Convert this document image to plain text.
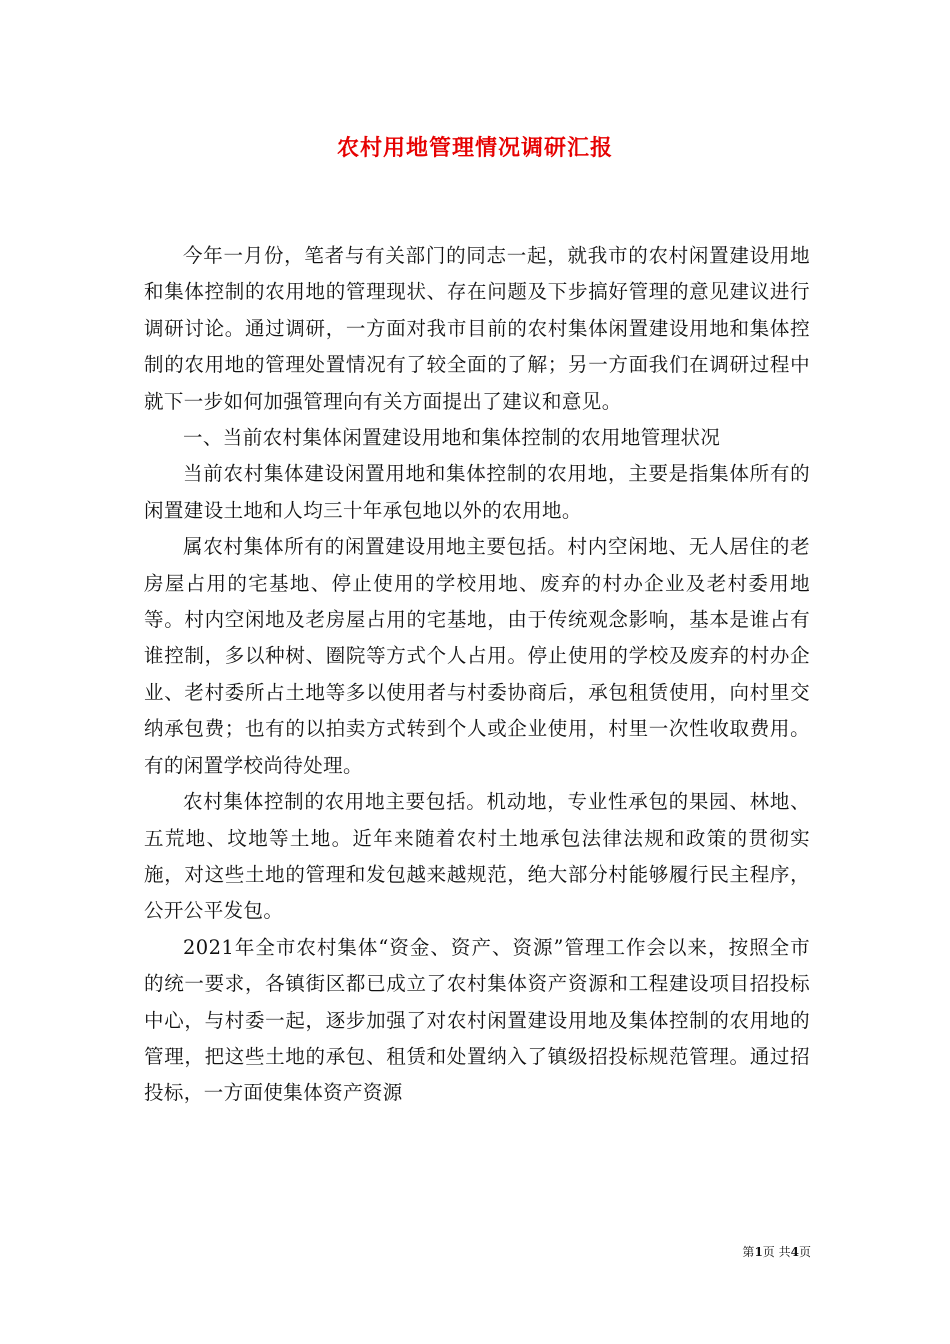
农村用地管理情况调研汇报

今年一月份，笔者与有关部门的同志一起，就我市的农村闲置建设用地和集体控制的农用地的管理现状、存在问题及下步搞好管理的意见建议进行调研讨论。通过调研，一方面对我市目前的农村集体闲置建设用地和集体控制的农用地的管理处置情况有了较全面的了解；另一方面我们在调研过程中就下一步如何加强管理向有关方面提出了建议和意见。

一、当前农村集体闲置建设用地和集体控制的农用地管理状况

当前农村集体建设闲置用地和集体控制的农用地，主要是指集体所有的闲置建设土地和人均三十年承包地以外的农用地。

属农村集体所有的闲置建设用地主要包括。村内空闲地、无人居住的老房屋占用的宅基地、停止使用的学校用地、废弃的村办企业及老村委用地等。村内空闲地及老房屋占用的宅基地，由于传统观念影响，基本是谁占有谁控制，多以种树、圈院等方式个人占用。停止使用的学校及废弃的村办企业、老村委所占土地等多以使用者与村委协商后，承包租赁使用，向村里交纳承包费；也有的以拍卖方式转到个人或企业使用，村里一次性收取费用。有的闲置学校尚待处理。

农村集体控制的农用地主要包括。机动地，专业性承包的果园、林地、五荒地、坟地等土地。近年来随着农村土地承包法律法规和政策的贯彻实施，对这些土地的管理和发包越来越规范，绝大部分村能够履行民主程序，公开公平发包。

2021年全市农村集体“资金、资产、资源”管理工作会以来，按照全市的统一要求，各镇街区都已成立了农村集体资产资源和工程建设项目招投标中心，与村委一起，逐步加强了对农村闲置建设用地及集体控制的农用地的管理，把这些土地的承包、租赁和处置纳入了镇级招投标规范管理。通过招投标，一方面使集体资产资源

第1页 共4页
